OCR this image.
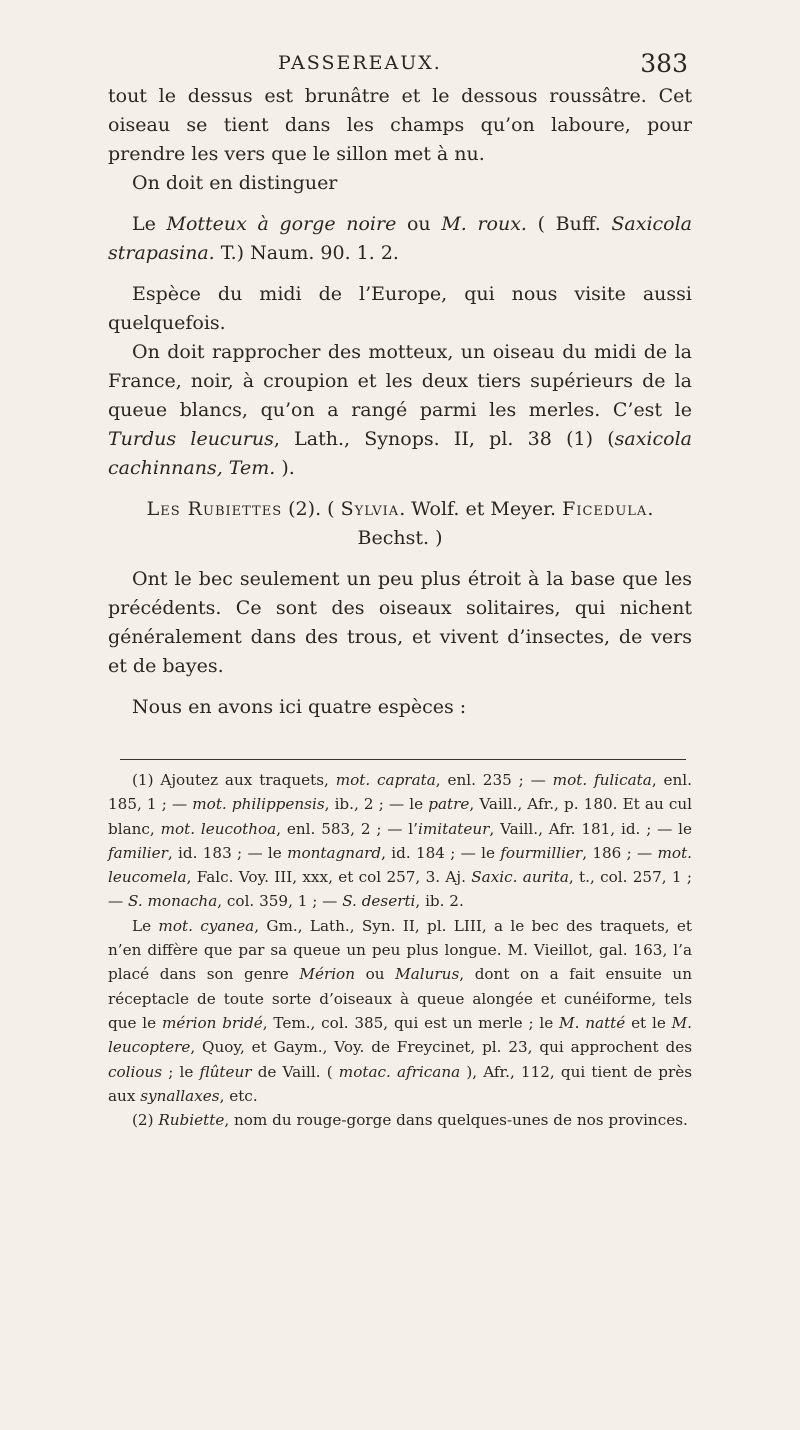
PASSEREAUX.	383

tout le dessus est brunâtre et le dessous roussâtre. Cet oiseau se tient dans les champs qu’on laboure, pour prendre les vers que le sillon met à nu.

On doit en distinguer

Le Motteux à gorge noire ou M. roux. ( Buff. Saxicola strapasina. T.) Naum. 90. 1. 2.

Espèce du midi de l’Europe, qui nous visite aussi quelquefois.

On doit rapprocher des motteux, un oiseau du midi de la France, noir, à croupion et les deux tiers supérieurs de la queue blancs, qu’on a rangé parmi les merles. C’est le Turdus leucurus, Lath., Synops. II, pl. 38 (1) (saxicola cachinnans, Tem. ).

Les Rubiettes (2). ( Sylvia. Wolf. et Meyer. Ficedula. Bechst. )

Ont le bec seulement un peu plus étroit à la base que les précédents. Ce sont des oiseaux solitaires, qui nichent généralement dans des trous, et vivent d’insectes, de vers et de bayes.

Nous en avons ici quatre espèces :

(1) Ajoutez aux traquets, mot. caprata, enl. 235 ; — mot. fulicata, enl. 185, 1 ; — mot. philippensis, ib., 2 ; — le patre, Vaill., Afr., p. 180. Et au cul blanc, mot. leucothoa, enl. 583, 2 ; — l’imitateur, Vaill., Afr. 181, id. ; — le familier, id. 183 ; — le montagnard, id. 184 ; — le fourmillier, 186 ; — mot. leucomela, Falc. Voy. III, xxx, et col 257, 3. Aj. Saxic. aurita, t., col. 257, 1 ; — S. monacha, col. 359, 1 ; — S. deserti, ib. 2.

Le mot. cyanea, Gm., Lath., Syn. II, pl. LIII, a le bec des traquets, et n’en diffère que par sa queue un peu plus longue. M. Vieillot, gal. 163, l’a placé dans son genre Mérion ou Malurus, dont on a fait ensuite un réceptacle de toute sorte d’oiseaux à queue alongée et cunéiforme, tels que le mérion bridé, Tem., col. 385, qui est un merle ; le M. natté et le M. leucoptere, Quoy, et Gaym., Voy. de Freycinet, pl. 23, qui approchent des colious ; le flûteur de Vaill. ( motac. africana ), Afr., 112, qui tient de près aux synallaxes, etc.

(2) Rubiette, nom du rouge-gorge dans quelques-unes de nos provinces.
